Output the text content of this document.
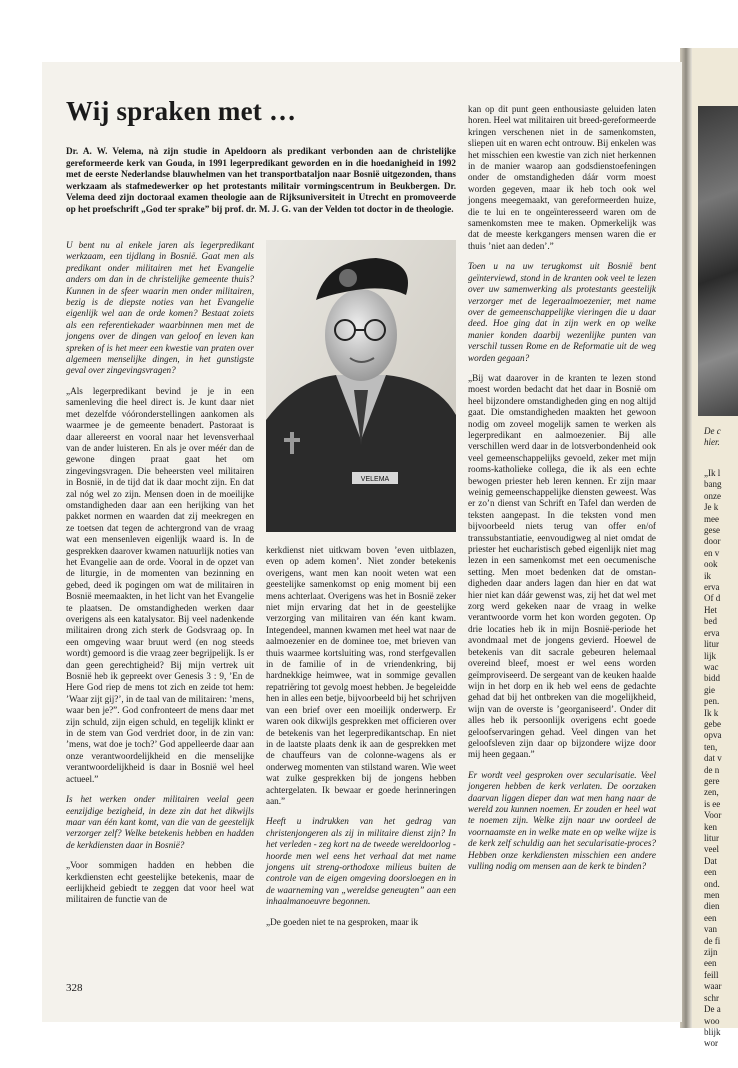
De c
hier.
„Ik l
bang
onze
Je k
mee
gese
door
en v
ook
ik
erva
Of d
Het
bed
erva
litur
lijk
wac
bidd
gie
pen.
Ik k
gebe
opva
ten,
dat v
de n
gere
zen,
is ee
Voor
ken
litur
veel
Dat
een
ond.
men
dien
een
van
de fi
zijn
een
feill
waar
schr
De a
woo
blijk
wor
Wij spraken met …
Dr. A. W. Velema, nà zijn studie in Apeldoorn als predikant verbonden aan de christelijke gereformeerde kerk van Gouda, in 1991 legerpredikant geworden en in die hoedanigheid in 1992 met de eerste Nederlandse blauwhelmen van het transportbataljon naar Bosnië uitgezonden, thans werkzaam als stafmedewerker op het protestants militair vormingscentrum in Beukbergen. Dr. Velema deed zijn doctoraal examen theologie aan de Rijksuniversiteit in Utrecht en promoveerde op het proefschrift „God ter sprake” bij prof. dr. M. J. G. van der Velden tot doctor in de theologie.

U bent nu al enkele jaren als legerpredikant werkzaam, een tijdlang in Bosnië. Gaat men als predikant onder militairen met het Evangelie anders om dan in de christelijke gemeente thuis? Kunnen in de sfeer waarin men onder militairen, bezig is de diepste noties van het Evangelie eigenlijk wel aan de orde komen? Bestaat zoiets als een referentiekader waarbinnen men met de jongens over de dingen van geloof en leven kan spreken of is het meer een kwestie van praten over algemeen menselijke dingen, in het gunstigste geval over zingevingsvragen?

„Als legerpredikant bevind je je in een samenleving die heel direct is. Je kunt daar niet met dezelfde vóóronderstellingen aankomen als waarmee je de gemeente benadert. Pastoraat is daar allereerst en vooral naar het levensverhaal van de ander luisteren. En als je over méér dan de gewone dingen praat gaat het om zingevingsvragen. Die beheersten veel militairen in Bosnië, in de tijd dat ik daar mocht zijn. En dat zal nóg wel zo zijn. Mensen doen in de moeilijke omstandigheden daar aan een herijking van het pakket normen en waarden dat zij meekregen en ze toetsen dat tegen de achtergrond van de vraag wat een mensenleven eigenlijk waard is. In de gesprekken daarover kwamen natuurlijk noties van het Evangelie aan de orde. Vooral in de opzet van de liturgie, in de momenten van bezinning en gebed, deed ik pogingen om wat de militairen in Bosnië meemaakten, in het licht van het Evangelie te plaatsen. De omstandigheden werken daar overigens als een katalysator. Bij veel nadenkende militairen drong zich sterk de Godsvraag op. In een omgeving waar bruut werd (en nog steeds wordt) gemoord is die vraag zeer begrijpelijk. Is er dan geen gerechtigheid? Bij mijn vertrek uit Bosnië heb ik gepreekt over Genesis 3 : 9, ’En de Here God riep de mens tot zich en zeide tot hem: ’Waar zijt gij?’, in de taal van de militairen: ’mens, waar ben je?”. God confronteert de mens daar met zijn schuld, zijn eigen schuld, en tegelijk klinkt er in de stem van God verdriet door, in de zin van: ’mens, wat doe je toch?’ God appelleerde daar aan onze verantwoordelijkheid en die menselijke verantwoordelijkheid is daar in Bosnië wel heel actueel.”

Is het werken onder militairen veelal geen eenzijdige bezigheid, in deze zin dat het dikwijls maar van één kant komt, van die van de geestelijk verzorger zelf? Welke betekenis hebben en hadden de kerkdiensten daar in Bosnië?

„Voor sommigen hadden en hebben die kerkdiensten echt geestelijke betekenis, maar de eerlijkheid gebiedt te zeggen dat voor heel wat militairen de functie van de

VELEMA

kerkdienst niet uitkwam boven ’even uitblazen, even op adem komen’. Niet zonder betekenis overigens, want men kan nooit weten wat een geestelijke samenkomst op enig moment bij een mens achterlaat. Overigens was het in Bosnië zeker niet mijn ervaring dat het in de geestelijke verzorging van militairen van één kant kwam. Integendeel, mannen kwamen met heel wat naar de aalmoezenier en de dominee toe, met brieven van thuis waarmee kortsluiting was, rond sterfgevallen in de familie of in de vriendenkring, bij hardnekkige heimwee, wat in sommige gevallen repatriëring tot gevolg moest hebben. Je begeleidde hen in alles een betje, bijvoorbeeld bij het schrijven van een brief over een moeilijk onderwerp. Er waren ook dikwijls gesprekken met officieren over de betekenis van het legerpredikantschap. En niet in de laatste plaats denk ik aan de gesprekken met de chauffeurs van de colonne-wagens als er onderweg momenten van stilstand waren. Wie weet wat zulke gesprekken bij de jongens hebben achtergelaten. Ik bewaar er goede herinneringen aan.”

Heeft u indrukken van het gedrag van christenjongeren als zij in militaire dienst zijn? In het verleden - zeg kort na de tweede wereldoorlog - hoorde men wel eens het verhaal dat met name jongens uit streng-orthodoxe milieus buiten de controle van de eigen omgeving doorsloegen en in de waarneming van „wereldse geneugten” aan een inhaalmanoeuvre begonnen.

„De goeden niet te na gesproken, maar ik

kan op dit punt geen enthousiaste geluiden laten horen. Heel wat militairen uit breed-gereformeerde kringen verschenen niet in de samenkomsten, sliepen uit en waren echt ontrouw. Bij enkelen was het misschien een kwestie van zich niet herkennen in de manier waarop aan godsdienstoefeningen onder de omstandigheden dáár vorm moest worden gegeven, maar ik heb toch ook wel jongens meegemaakt, van gereformeerden huize, die te lui en te ongeïnteresseerd waren om de samenkomsten mee te maken. Opmerkelijk was dat de meeste kerkgangers mensen waren die er thuis ’niet aan deden’.”

Toen u na uw terugkomst uit Bosnië bent geïnterviewd, stond in de kranten ook veel te lezen over uw samenwerking als protestants geestelijk verzorger met de legeraalmoezenier, met name over de gemeenschappelijke vieringen die u daar deed. Hoe ging dat in zijn werk en op welke manier konden daarbij wezenlijke punten van verschil tussen Rome en de Reformatie uit de weg worden gegaan?

„Bij wat daarover in de kranten te lezen stond moest worden bedacht dat het daar in Bosnië om heel bijzondere omstandigheden ging en nog altijd gaat. Die omstandigheden maakten het gewoon nodig om zoveel mogelijk samen te werken als legerpredikant en aalmoezenier. Bij alle verschillen werd daar in de lotsverbondenheid ook veel gemeenschappelijks gevoeld, zeker met mijn rooms-katholieke collega, die ik als een echte bewogen priester heb leren kennen. Er zijn maar weinig gemeenschappelijke diensten geweest. Was er zo’n dienst van Schrift en Tafel dan werden de teksten aangepast. In die teksten vond men bijvoorbeeld niets terug van offer en/of transsubstantiatie, eenvoudigweg al niet omdat de priester het eucharistisch gebed eigenlijk niet mag lezen in een samenkomst met een oecumenische setting. Men moet bedenken dat de omstandigheden daar anders lagen dan hier en dat wat hier niet kan dáár gewenst was, zij het dat wel met zorg werd gekeken naar de vraag in welke verantwoorde vorm het kon worden gegoten. Op drie locaties heb ik in mijn Bosnië-periode het avondmaal met de jongens gevierd. Hoewel de betekenis van dit sacrale gebeuren helemaal overeind bleef, moest er wel eens worden geïmproviseerd. De sergeant van de keuken haalde wijn in het dorp en ik heb wel eens de gedachte gehad dat bij het ontbreken van die mogelijkheid, wijn van de overste is ’georganiseerd’. Onder dit alles heb ik persoonlijk overigens echt goede geloofservaringen gehad. Veel dingen van het geloofsleven zijn daar op bijzondere wijze door mij heen gegaan.”

Er wordt veel gesproken over secularisatie. Veel jongeren hebben de kerk verlaten. De oorzaken daarvan liggen dieper dan wat men hang naar de wereld zou kunnen noemen. Er zouden er heel wat te noemen zijn. Welke zijn naar uw oordeel de voornaamste en in welke mate en op welke wijze is de kerk zelf schuldig aan het secularisatie-proces? Hebben onze kerkdiensten misschien een andere vulling nodig om mensen aan de kerk te binden?

328
